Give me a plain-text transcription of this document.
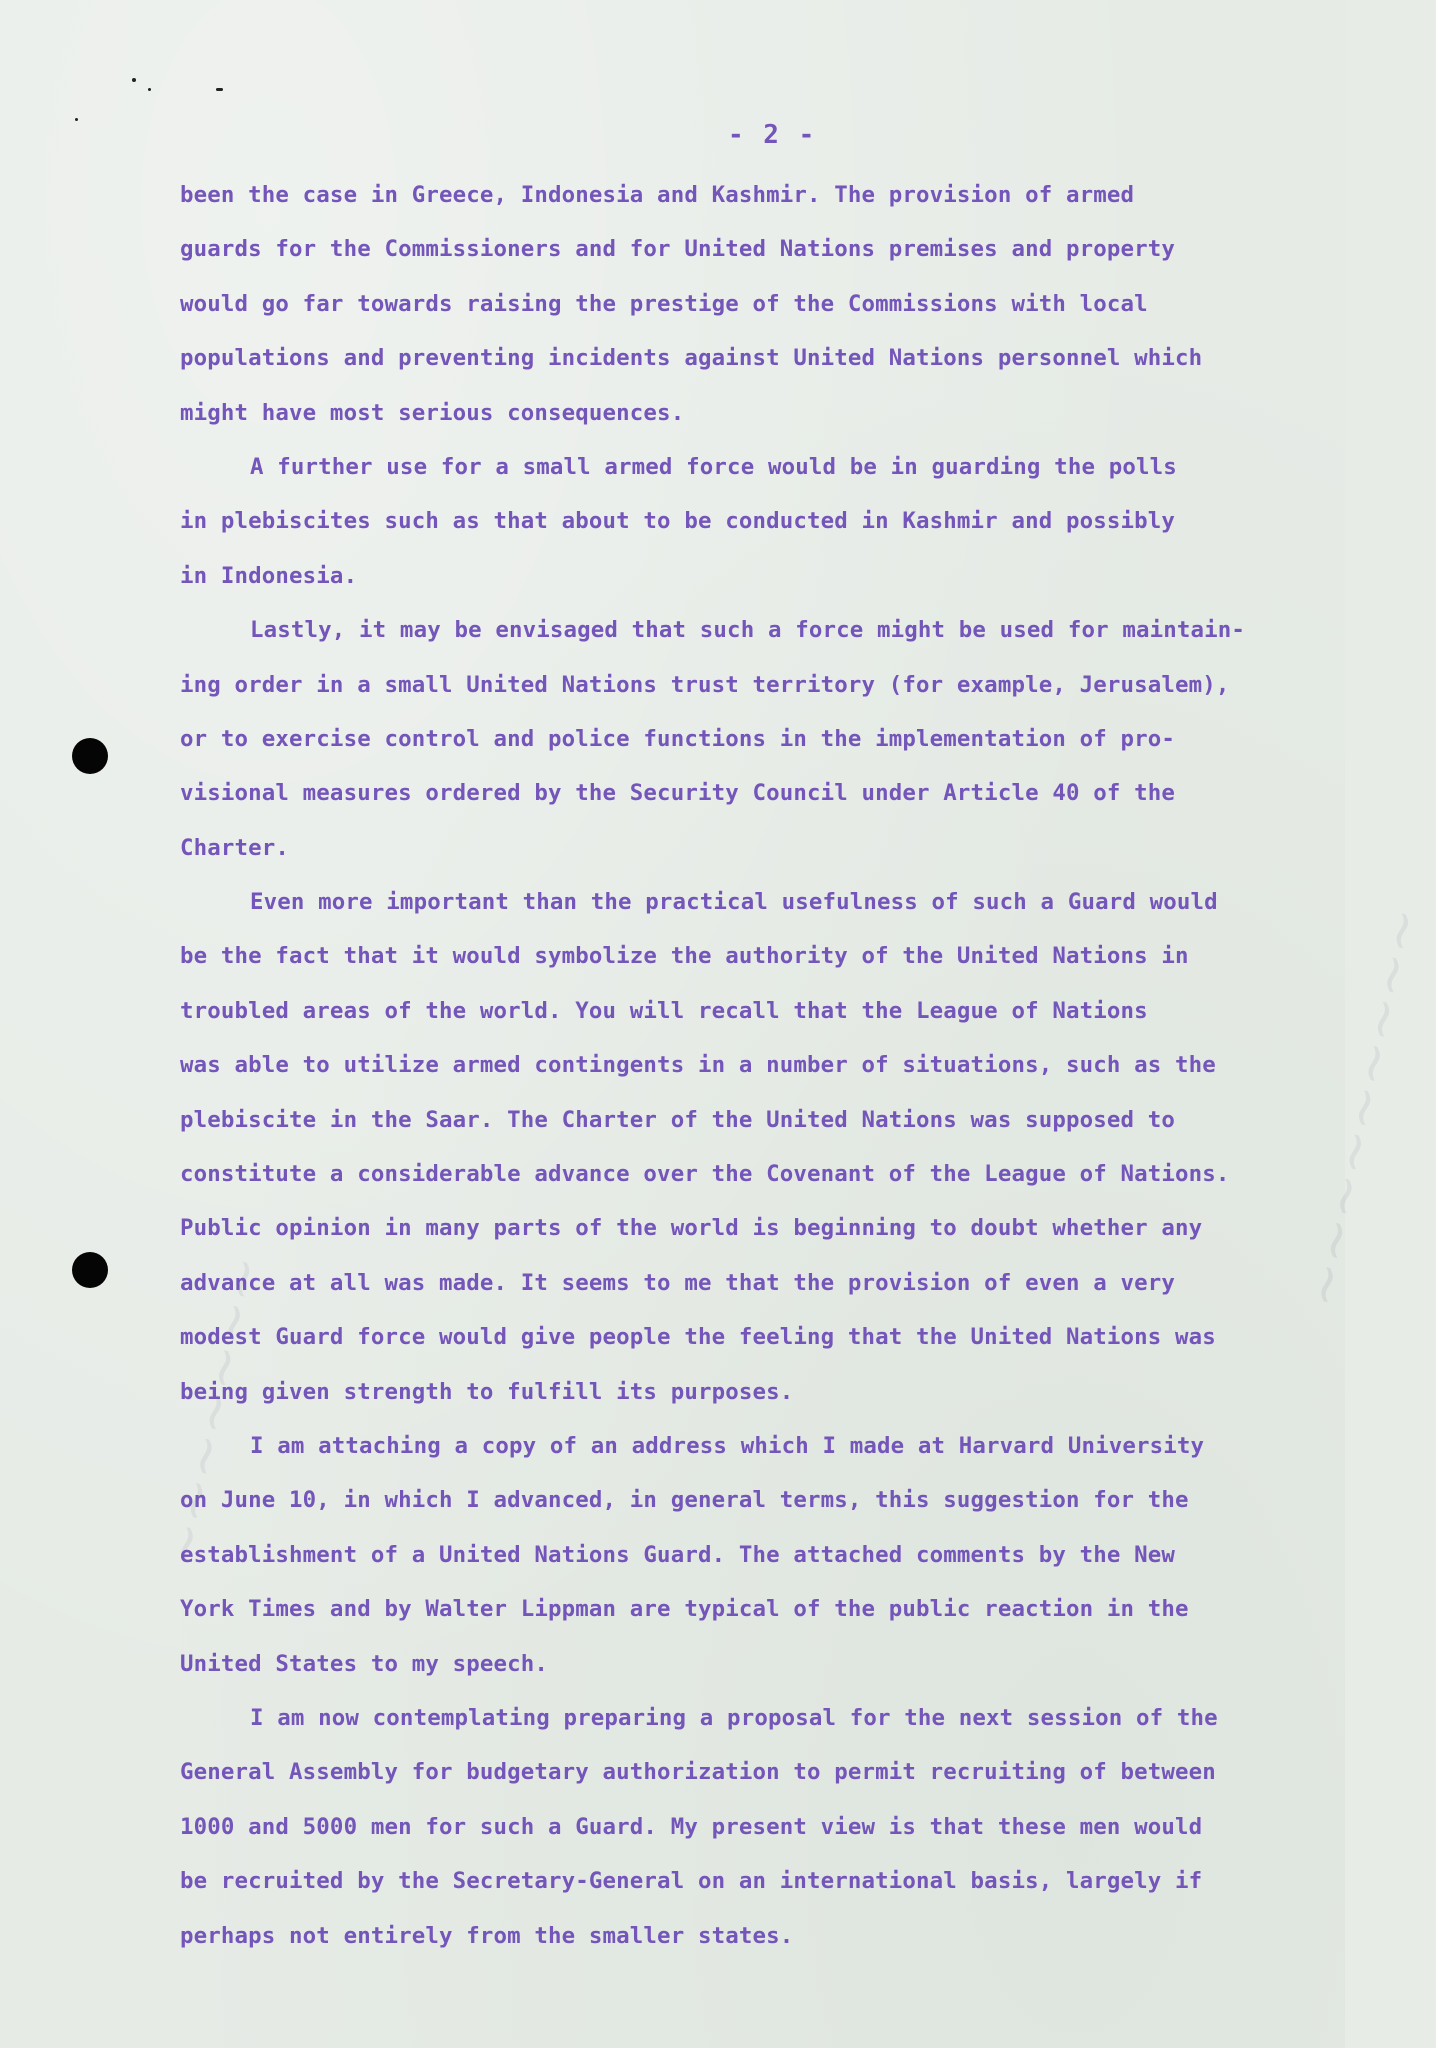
~~~~~~~
~~~~~~~~~
- 2 -
been the case in Greece, Indonesia and Kashmir. The provision of armed
guards for the Commissioners and for United Nations premises and property
would go far towards raising the prestige of the Commissions with local
populations and preventing incidents against United Nations personnel which
might have most serious consequences.
A further use for a small armed force would be in guarding the polls
in plebiscites such as that about to be conducted in Kashmir and possibly
in Indonesia.
Lastly, it may be envisaged that such a force might be used for maintain-
ing order in a small United Nations trust territory (for example, Jerusalem),
or to exercise control and police functions in the implementation of pro-
visional measures ordered by the Security Council under Article 40 of the
Charter.
Even more important than the practical usefulness of such a Guard would
be the fact that it would symbolize the authority of the United Nations in
troubled areas of the world. You will recall that the League of Nations
was able to utilize armed contingents in a number of situations, such as the
plebiscite in the Saar. The Charter of the United Nations was supposed to
constitute a considerable advance over the Covenant of the League of Nations.
Public opinion in many parts of the world is beginning to doubt whether any
advance at all was made. It seems to me that the provision of even a very
modest Guard force would give people the feeling that the United Nations was
being given strength to fulfill its purposes.
I am attaching a copy of an address which I made at Harvard University
on June 10, in which I advanced, in general terms, this suggestion for the
establishment of a United Nations Guard. The attached comments by the New
York Times and by Walter Lippman are typical of the public reaction in the
United States to my speech.
I am now contemplating preparing a proposal for the next session of the
General Assembly for budgetary authorization to permit recruiting of between
1000 and 5000 men for such a Guard. My present view is that these men would
be recruited by the Secretary-General on an international basis, largely if
perhaps not entirely from the smaller states.
